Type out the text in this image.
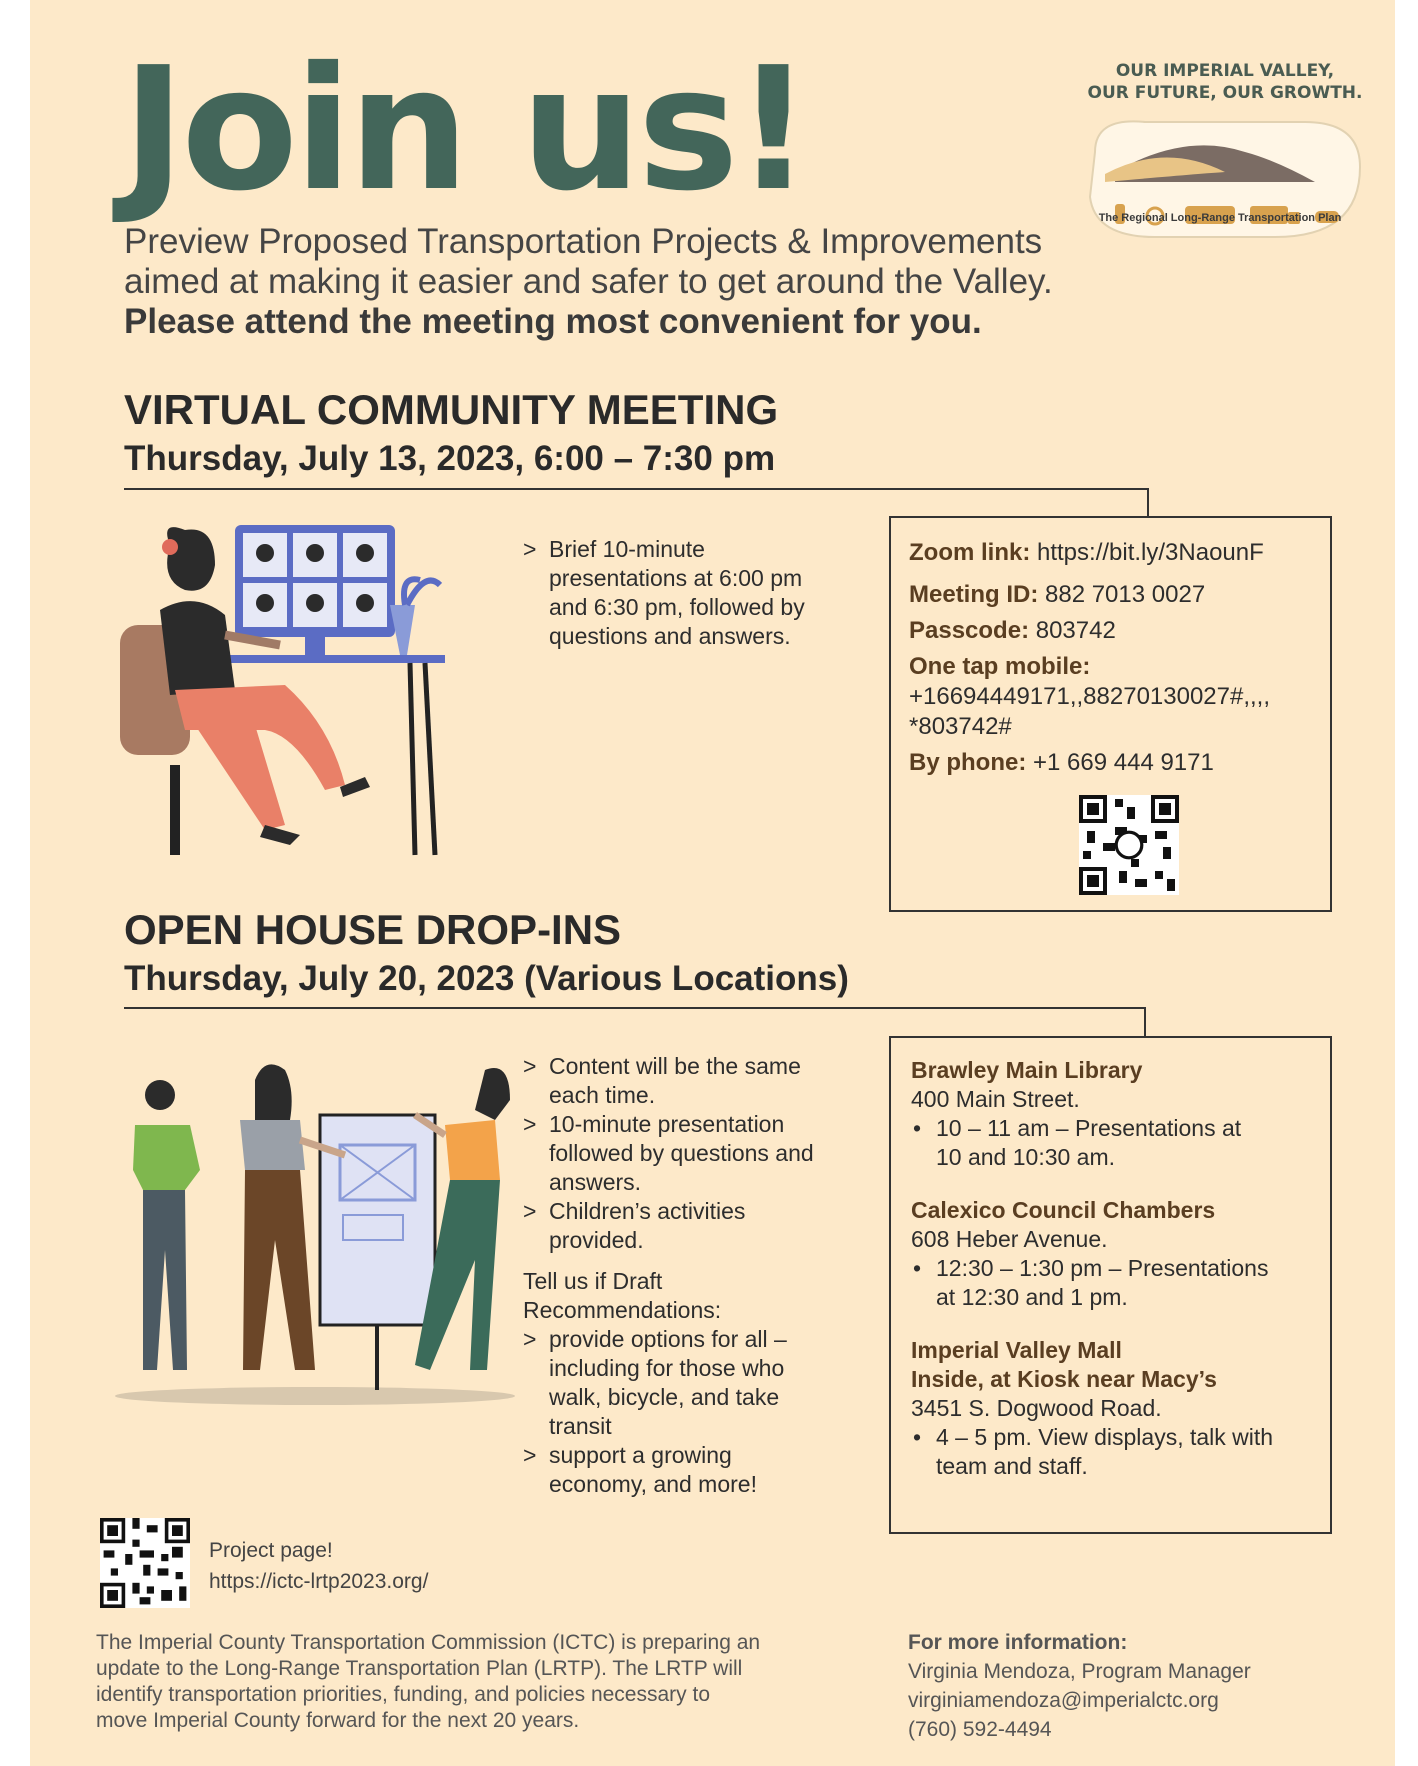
Join us!
Preview Proposed Transportation Projects & Improvements
aimed at making it easier and safer to get around the Valley.
Please attend the meeting most convenient for you.
OUR IMPERIAL VALLEY,
OUR FUTURE, OUR GROWTH.
The Regional Long-Range Transportation Plan
VIRTUAL COMMUNITY MEETING
Thursday, July 13, 2023, 6:00 – 7:30 pm
> Brief 10-minute
presentations at 6:00 pm
and 6:30 pm, followed by
questions and answers.
Zoom link: https://bit.ly/3NaounF
Meeting ID: 882 7013 0027
Passcode: 803742
One tap mobile:
+16694449171,,88270130027#,,,,
*803742#
By phone: +1 669 444 9171
OPEN HOUSE DROP-INS
Thursday, July 20, 2023 (Various Locations)
> Content will be the same
each time.
> 10-minute presentation
followed by questions and
answers.
> Children’s activities
provided.
Tell us if Draft
Recommendations:
> provide options for all –
including for those who
walk, bicycle, and take
transit
> support a growing
economy, and more!
Brawley Main Library
400 Main Street.
• 10 – 11 am – Presentations at
10 and 10:30 am.
Calexico Council Chambers
608 Heber Avenue.
• 12:30 – 1:30 pm – Presentations
at 12:30 and 1 pm.
Imperial Valley Mall
Inside, at Kiosk near Macy’s
3451 S. Dogwood Road.
• 4 – 5 pm. View displays, talk with
team and staff.
Project page!
https://ictc-lrtp2023.org/
The Imperial County Transportation Commission (ICTC) is preparing an
update to the Long-Range Transportation Plan (LRTP). The LRTP will
identify transportation priorities, funding, and policies necessary to
move Imperial County forward for the next 20 years.
For more information:
Virginia Mendoza, Program Manager
virginiamendoza@imperialctc.org
(760) 592-4494
